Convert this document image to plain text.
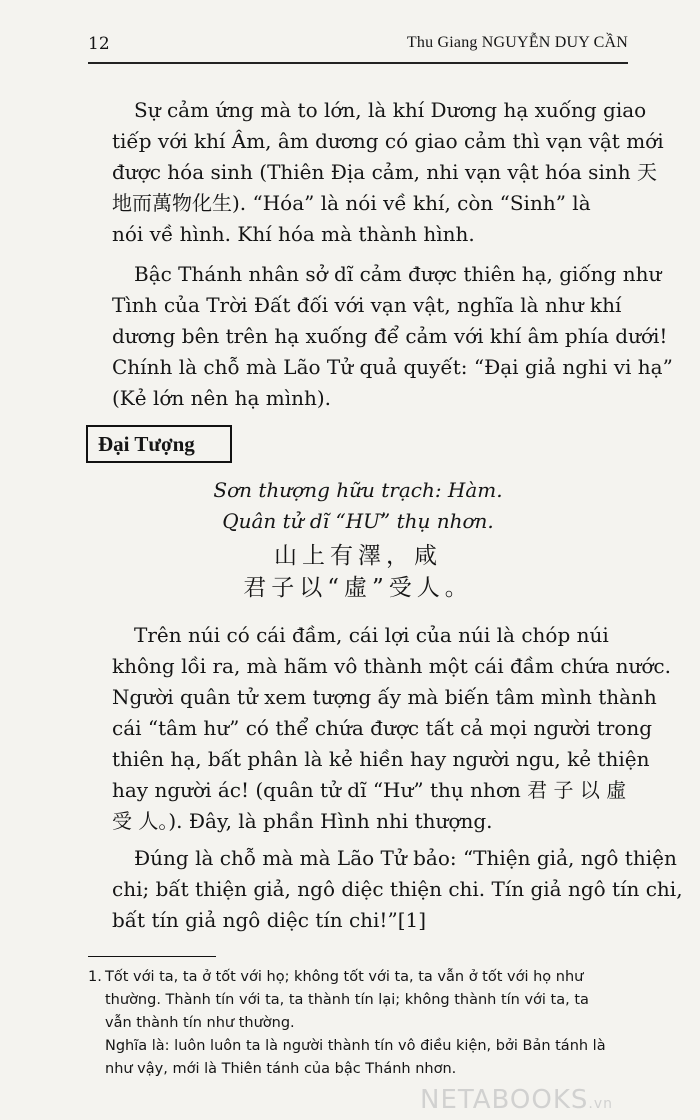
12	Thu Giang NGUYỄN DUY CẦN

Sự cảm ứng mà to lớn, là khí Dương hạ xuống giao
tiếp với khí Âm, âm dương có giao cảm thì vạn vật mới
được hóa sinh (Thiên Địa cảm, nhi vạn vật hóa sinh 天
地而萬物化生). “Hóa” là nói về khí, còn “Sinh” là
nói về hình. Khí hóa mà thành hình.

Bậc Thánh nhân sở dĩ cảm được thiên hạ, giống như
Tình của Trời Đất đối với vạn vật, nghĩa là như khí
dương bên trên hạ xuống để cảm với khí âm phía dưới!
Chính là chỗ mà Lão Tử quả quyết: “Đại giả nghi vi hạ”
(Kẻ lớn nên hạ mình).

Đại Tượng
Sơn thượng hữu trạch: Hàm.
Quân tử dĩ “HƯ” thụ nhơn.
山上有澤，咸
君子以“虛”受人。

Trên núi có cái đầm, cái lợi của núi là chóp núi
không lồi ra, mà hãm vô thành một cái đầm chứa nước.
Người quân tử xem tượng ấy mà biến tâm mình thành
cái “tâm hư” có thể chứa được tất cả mọi người trong
thiên hạ, bất phân là kẻ hiền hay người ngu, kẻ thiện
hay người ác! (quân tử dĩ “Hư” thụ nhơn 君 子 以 虛
受 人。). Đây, là phần Hình nhi thượng.

Đúng là chỗ mà mà Lão Tử bảo: “Thiện giả, ngô thiện
chi; bất thiện giả, ngô diệc thiện chi. Tín giả ngô tín chi,
bất tín giả ngô diệc tín chi!”[1]

1. Tốt với ta, ta ở tốt với họ; không tốt với ta, ta vẫn ở tốt với họ như
thường. Thành tín với ta, ta thành tín lại; không thành tín với ta, ta
vẫn thành tín như thường.
Nghĩa là: luôn luôn ta là người thành tín vô điều kiện, bởi Bản tánh là
như vậy, mới là Thiên tánh của bậc Thánh nhơn.
NETABOOKS.vn
